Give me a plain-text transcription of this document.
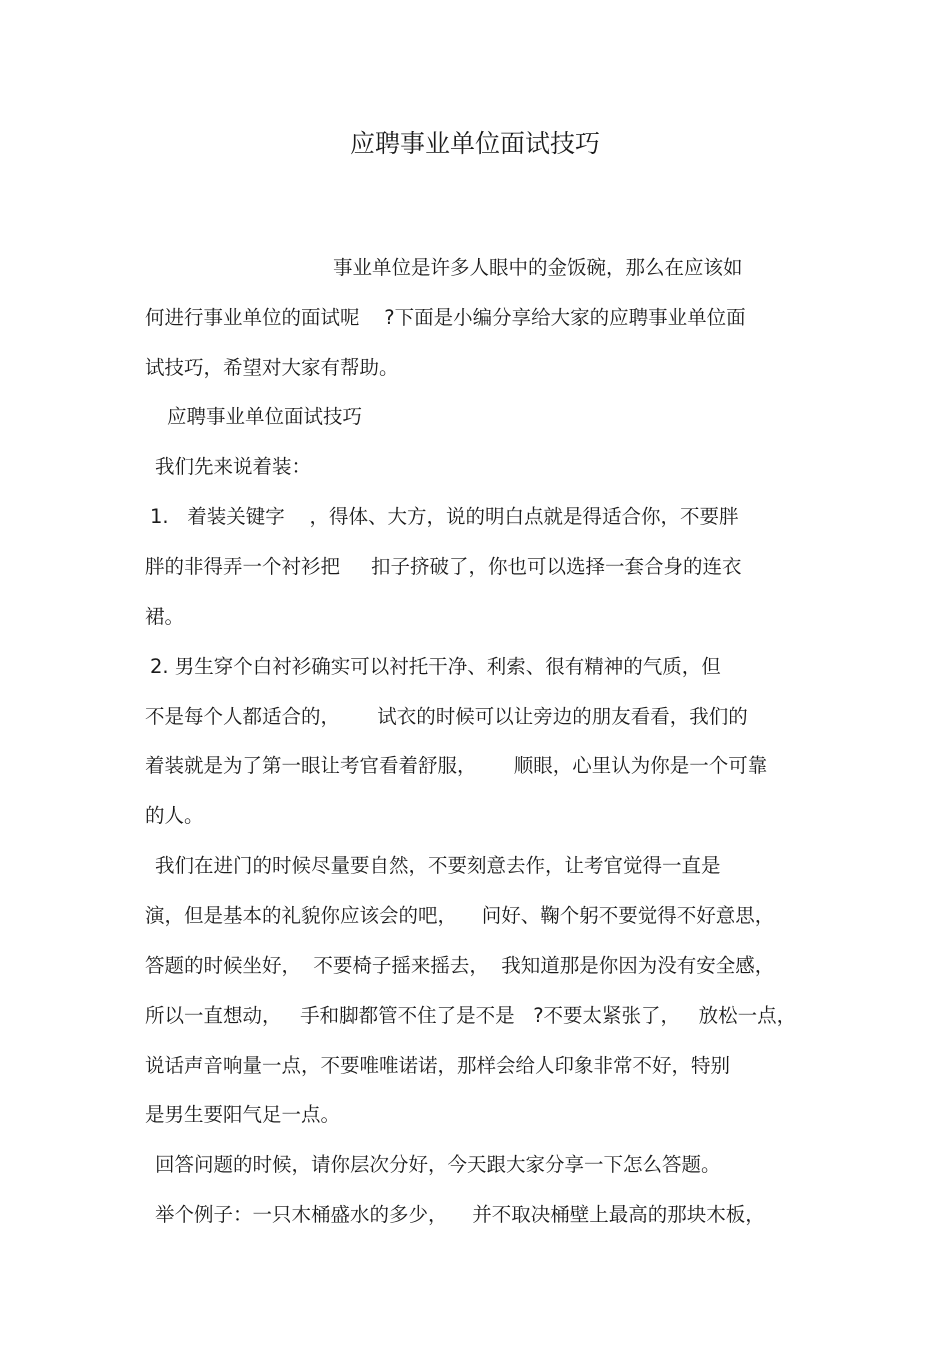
应聘事业单位面试技巧
事业单位是许多人眼中的金饭碗，那么在应该如
何进行事业单位的面试呢    ?下面是小编分享给大家的应聘事业单位面
试技巧，希望对大家有帮助。
应聘事业单位面试技巧
我们先来说着装：
1.   着装关键字    ，得体、大方，说的明白点就是得适合你，不要胖
胖的非得弄一个衬衫把     扣子挤破了，你也可以选择一套合身的连衣
裙。
2. 男生穿个白衬衫确实可以衬托干净、利索、很有精神的气质，但
不是每个人都适合的，      试衣的时候可以让旁边的朋友看看，我们的
着装就是为了第一眼让考官看着舒服，      顺眼，心里认为你是一个可靠
的人。
我们在进门的时候尽量要自然，不要刻意去作，让考官觉得一直是
演，但是基本的礼貌你应该会的吧，    问好、鞠个躬不要觉得不好意思，
答题的时候坐好，  不要椅子摇来摇去，  我知道那是你因为没有安全感，
所以一直想动，   手和脚都管不住了是不是   ?不要太紧张了，   放松一点，
说话声音响量一点，不要唯唯诺诺，那样会给人印象非常不好，特别
是男生要阳气足一点。
回答问题的时候，请你层次分好，今天跟大家分享一下怎么答题。
举个例子：一只木桶盛水的多少，    并不取决桶壁上最高的那块木板，
